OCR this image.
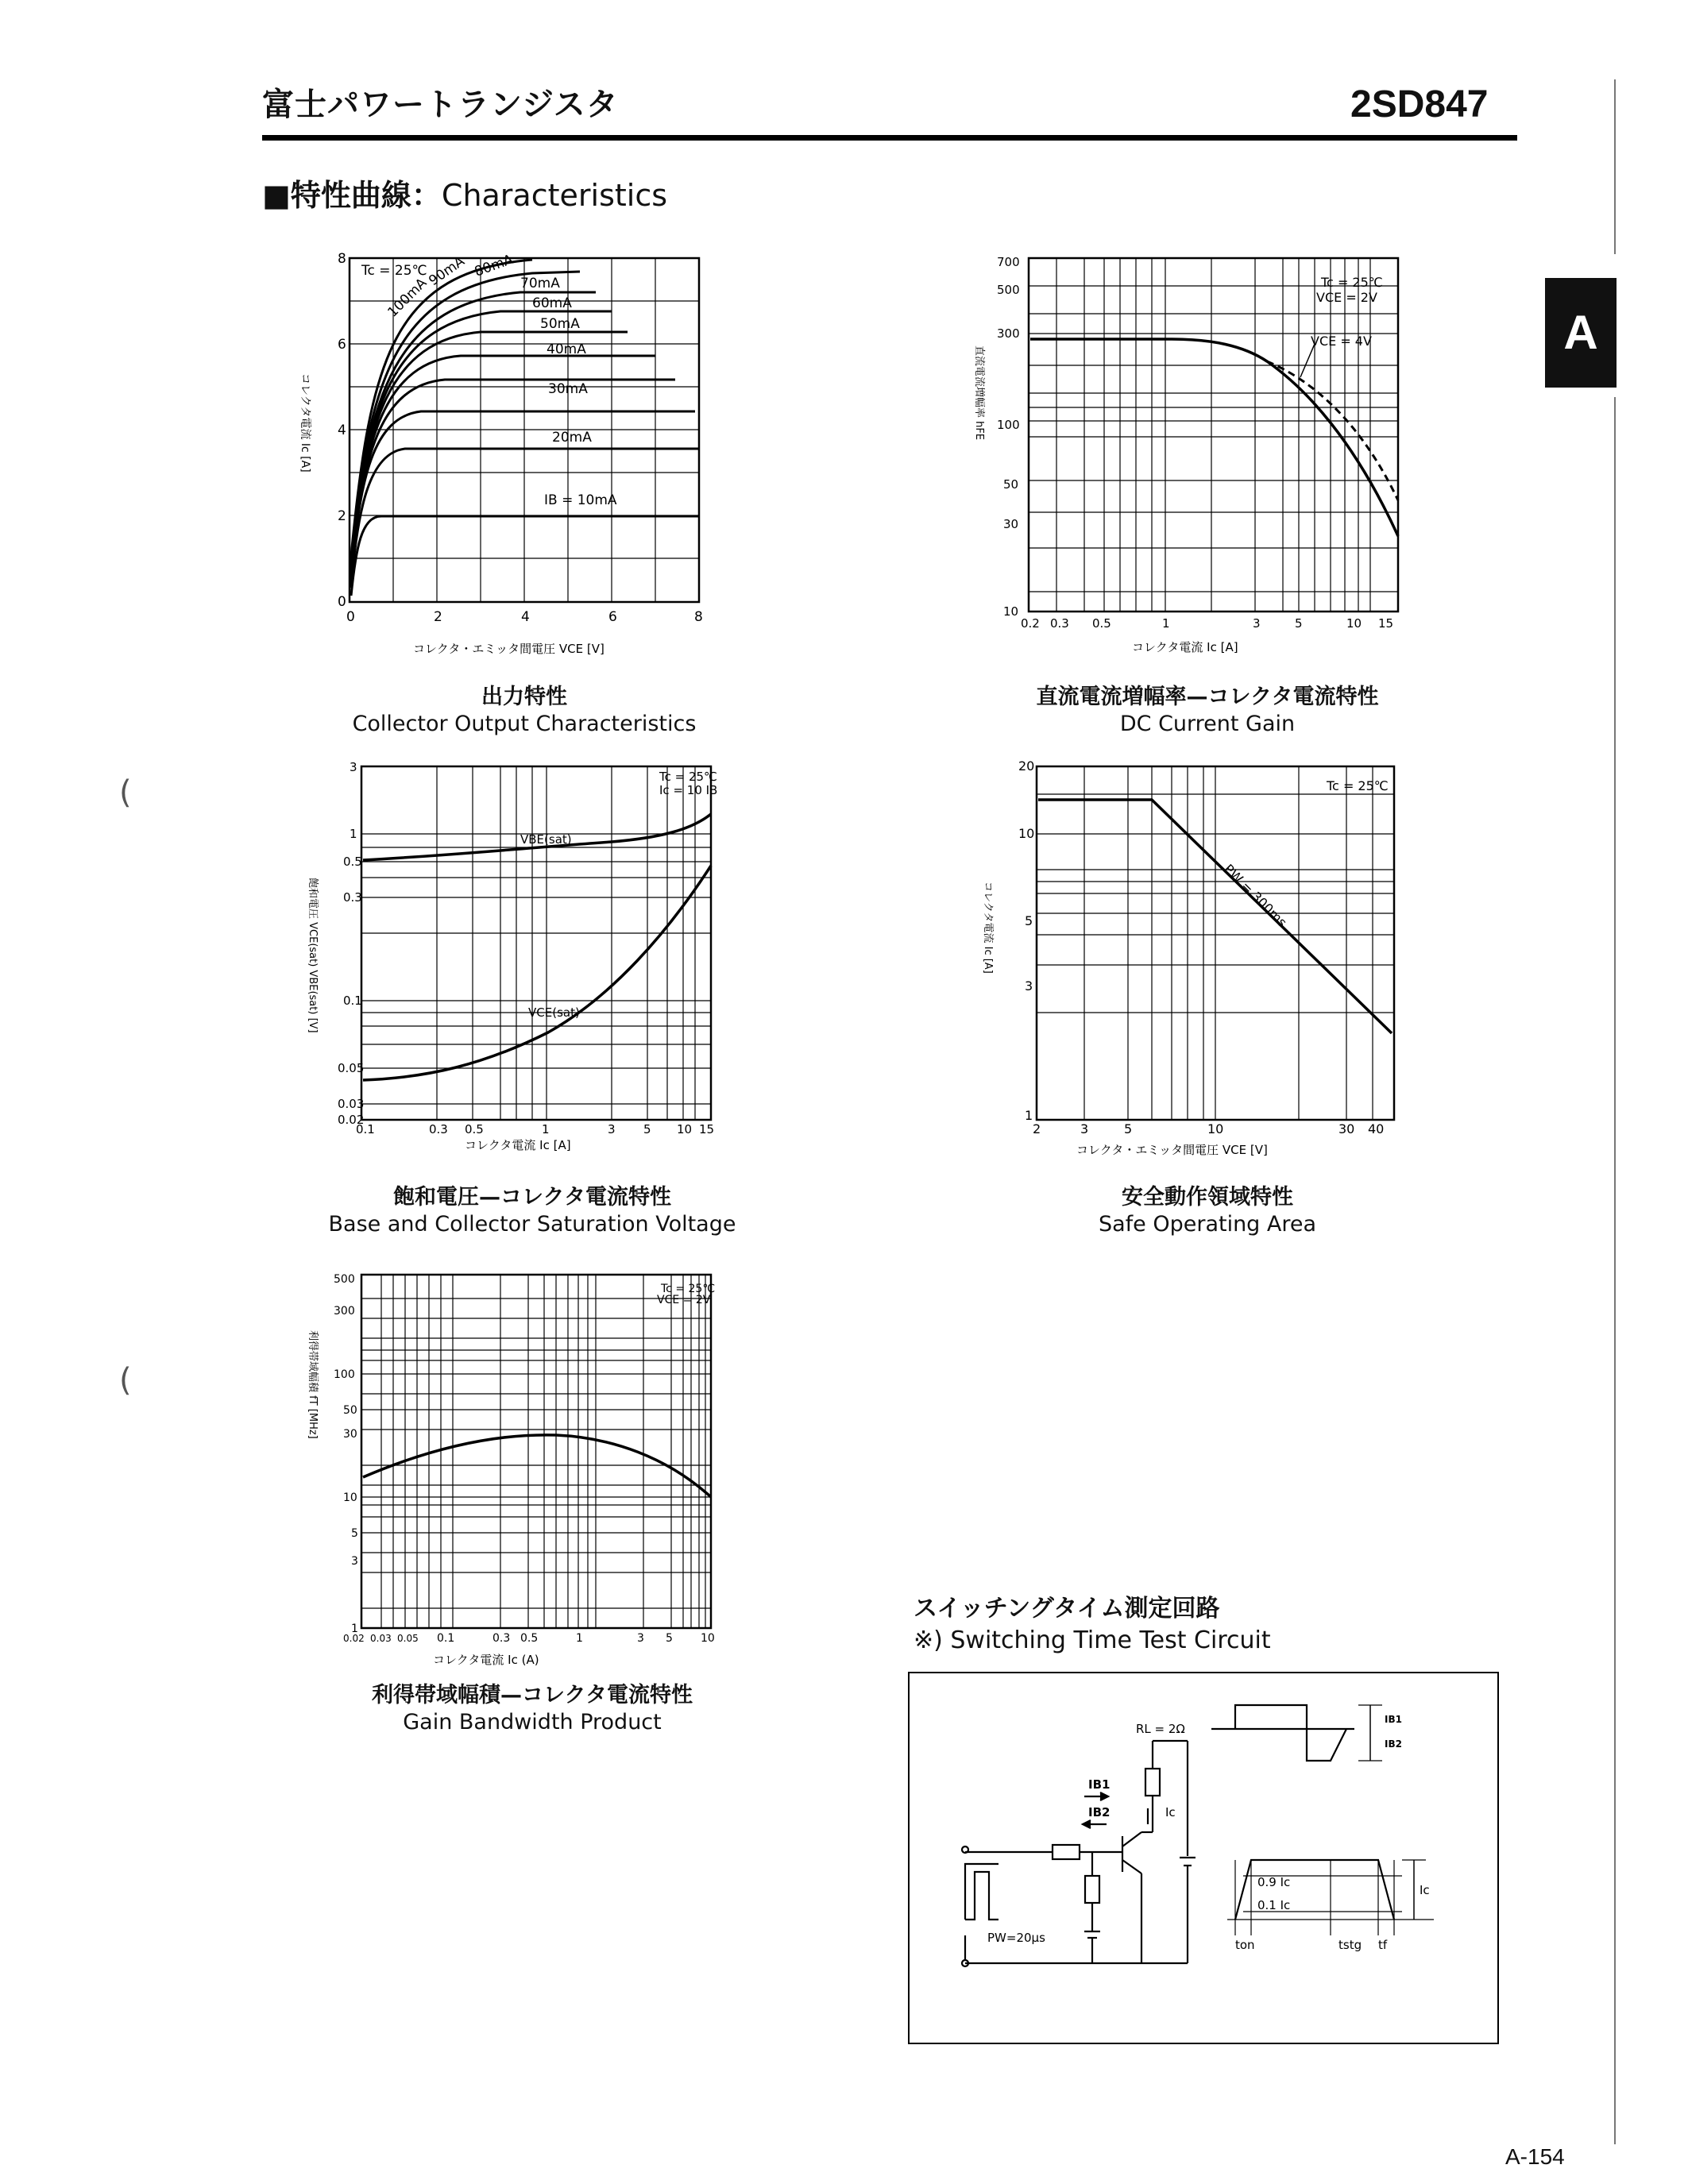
富士パワートランジスタ	2SD847
■特性曲線：Characteristics
A
(
(
Tc = 25℃
100mA
90mA 80mA
70mA
60mA
50mA
40mA
30mA
20mA
IB = 10mA
0
2
4
6
8
0	2	4	6	8
コレクタ電流 Ic [A]
コレクタ・エミッタ間電圧 VCE [V]
出力特性
Collector Output Characteristics
Tc = 25℃
VCE = 2V
VCE = 4V
10
30
50
100
300
500
700
0.2 0.3 0.5	1	3	5	10 15
直流電流増幅率 hFE
コレクタ電流 Ic [A]
直流電流増幅率—コレクタ電流特性
DC Current Gain
Tc = 25℃
Ic = 10 IB
VBE(sat)
VCE(sat)
0.02
0.03
0.05
0.1
0.3
0.5
1
3
0.1	0.3 0.5	1	3 5 10 15
飽和電圧 VCE(sat) VBE(sat) [V]
コレクタ電流 Ic [A]
飽和電圧—コレクタ電流特性
Base and Collector Saturation Voltage
Tc = 25℃
PW = 300ms
1
3
5
10
20
2	3	5	10	30 40
コレクタ電流 Ic [A]
コレクタ・エミッタ間電圧 VCE [V]
安全動作領域特性
Safe Operating Area
Tc = 25℃
VCE = 2V
1
3
5
10
30
50
100
300
500
0.02 0.03 0.05 0.1	0.3 0.5	1	3 5	10
利得帯域幅積 fT [MHz]
コレクタ電流 Ic (A)
利得帯域幅積—コレクタ電流特性
Gain Bandwidth Product
スイッチングタイム測定回路
※) Switching Time Test Circuit
RL = 2Ω
IB1
IB2	Ic
PW=20μs
IB1
IB2
0.9 Ic
0.1 Ic
Ic
ton	tstg tf
A-154
